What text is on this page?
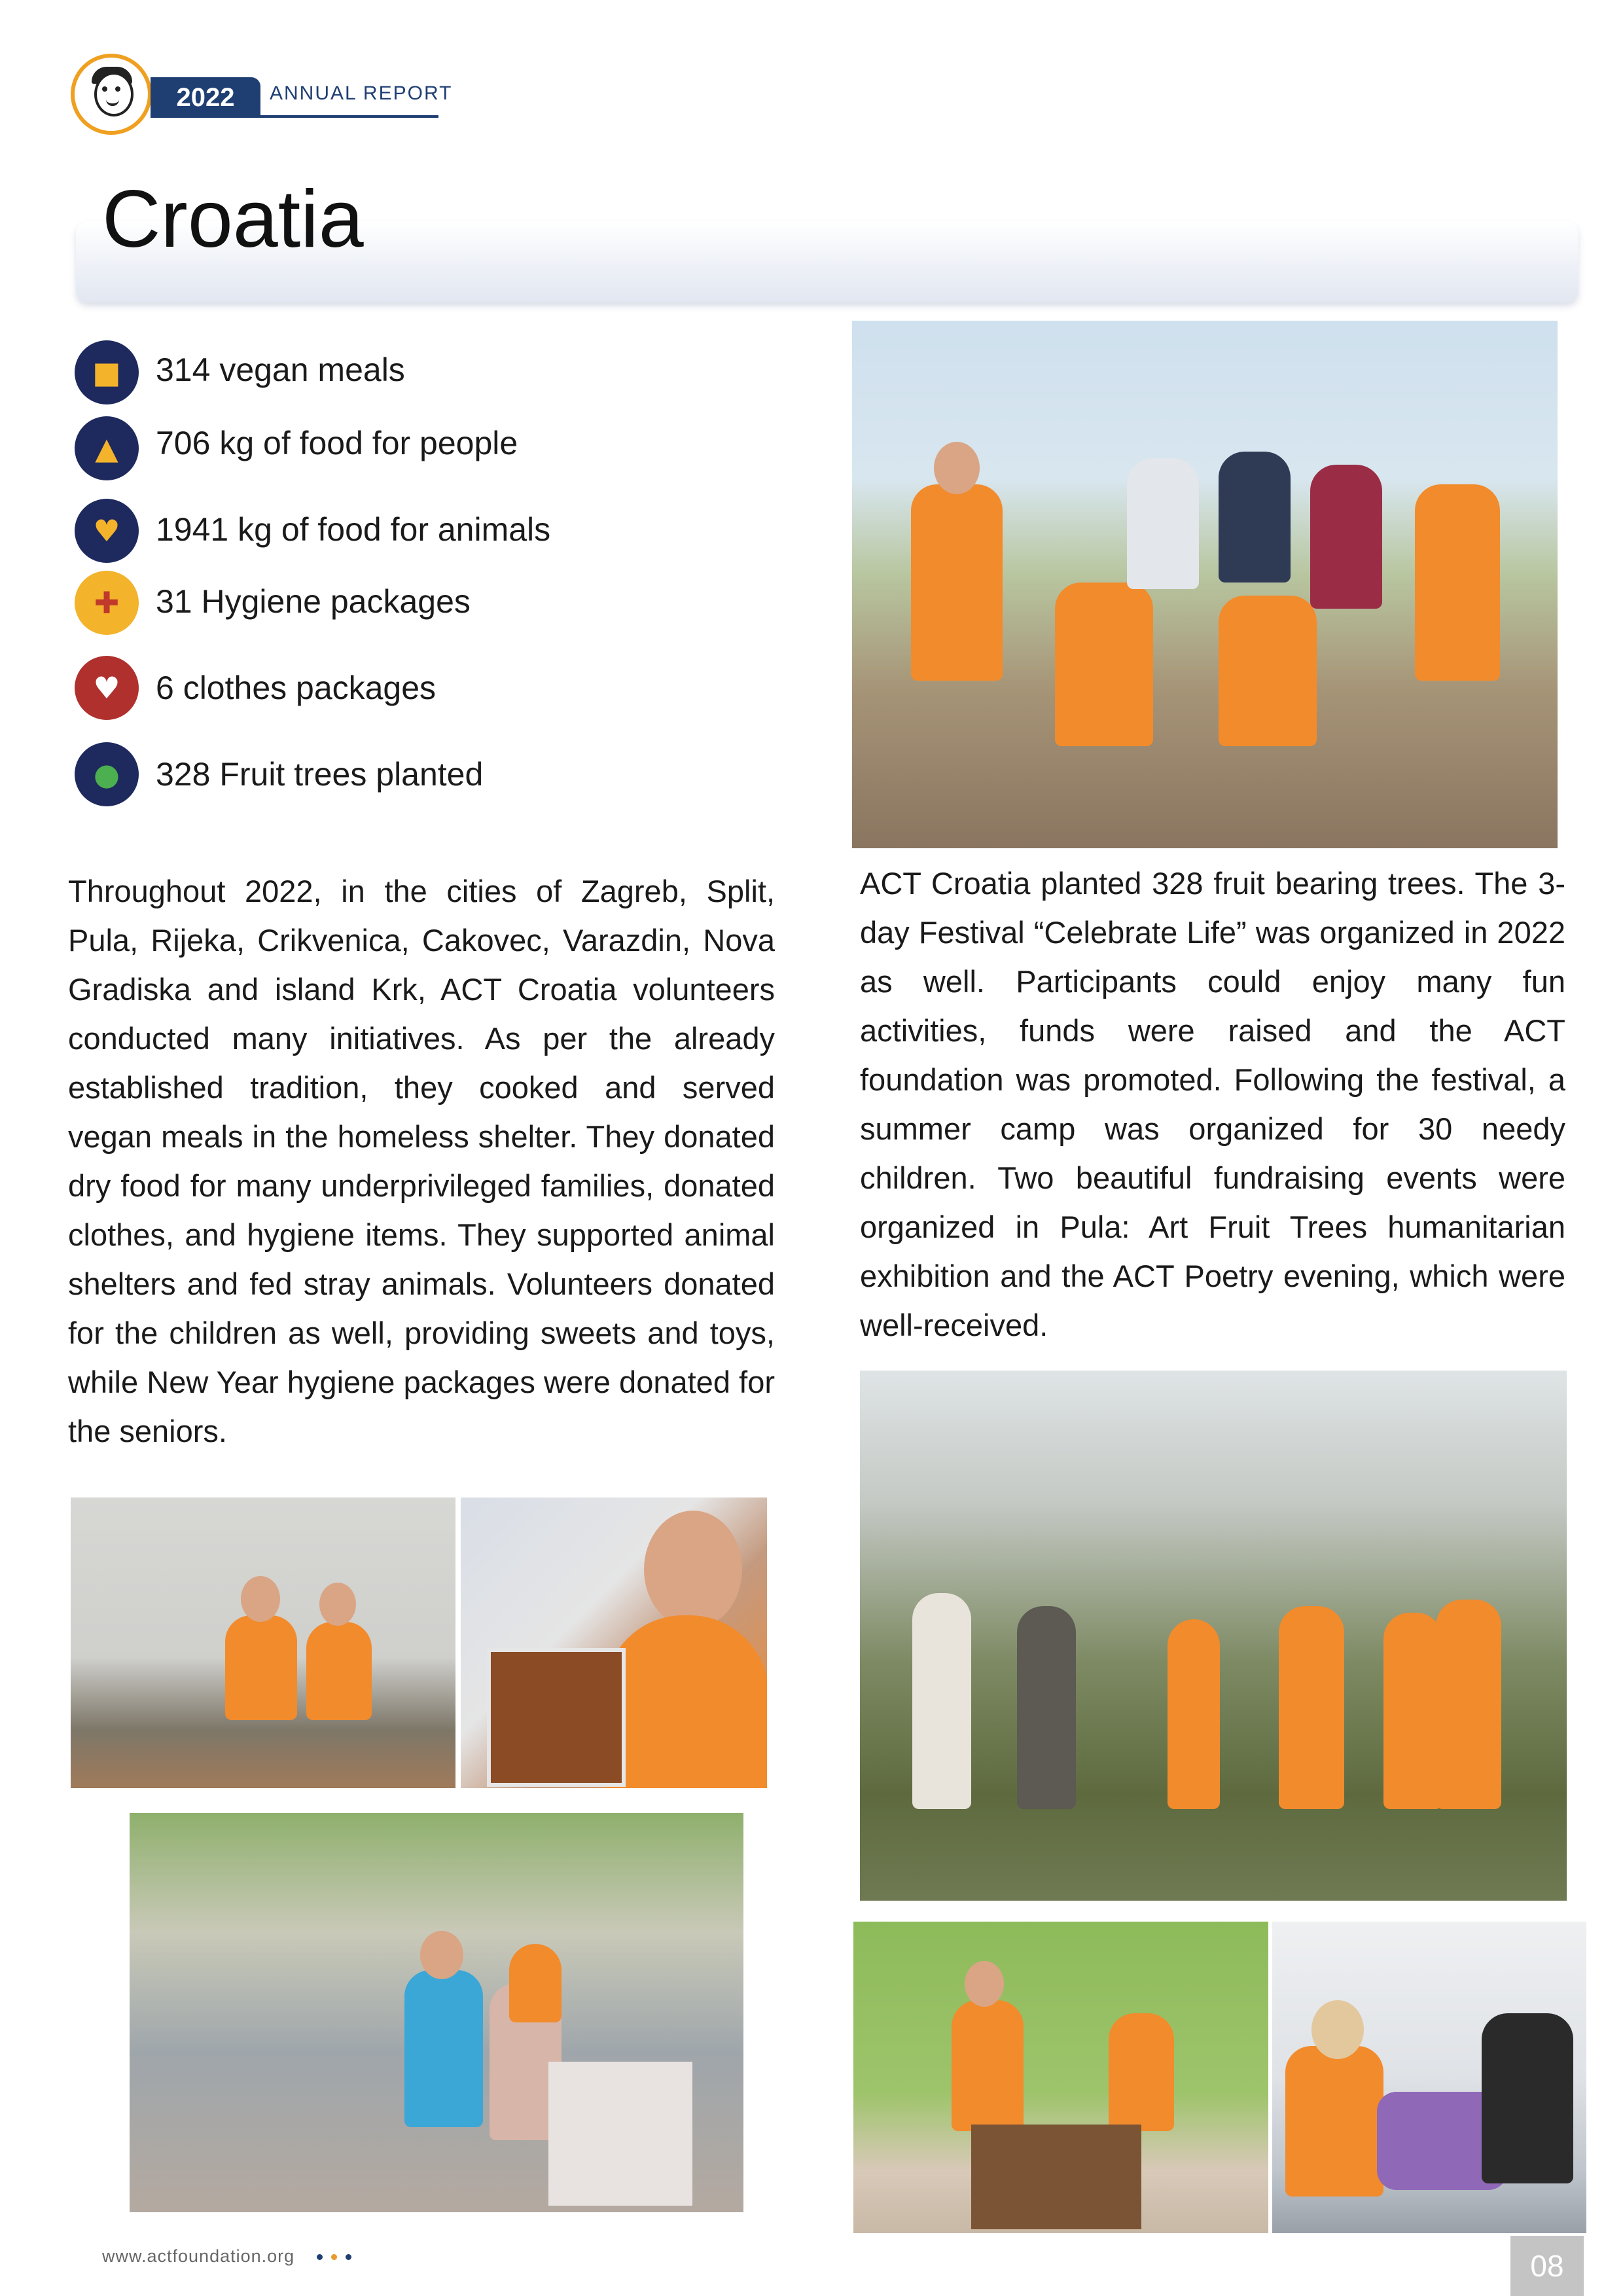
2022	ANNUAL REPORT
Croatia
■	314 vegan meals
▲	706 kg of food for people
♥	1941 kg of food for animals
✚	31 Hygiene packages
♥	6 clothes packages
●	328 Fruit trees planted
Throughout 2022, in the cities of Zagreb, Split, Pula, Rijeka, Crikvenica, Cakovec, Varazdin, Nova Gradiska and island Krk, ACT Croatia volunteers conducted many initiatives. As per the already established tradition, they cooked and served vegan meals in the homeless shelter. They donated dry food for many underprivileged families, donated clothes, and hygiene items. They supported animal shelters and fed stray animals. Volunteers donated for the children as well, providing sweets and toys, while New Year hygiene packages were donated for the seniors.
ACT Croatia planted 328 fruit bearing trees. The 3-day Festival “Celebrate Life” was organized in 2022 as well. Participants could enjoy many fun activities, funds were raised and the ACT foundation was promoted. Following the festival, a summer camp was organized for 30 needy children. Two beautiful fundraising events were organized in Pula: Art Fruit Trees humanitarian exhibition and the ACT Poetry evening, which were well-received.
www.actfoundation.org	08
